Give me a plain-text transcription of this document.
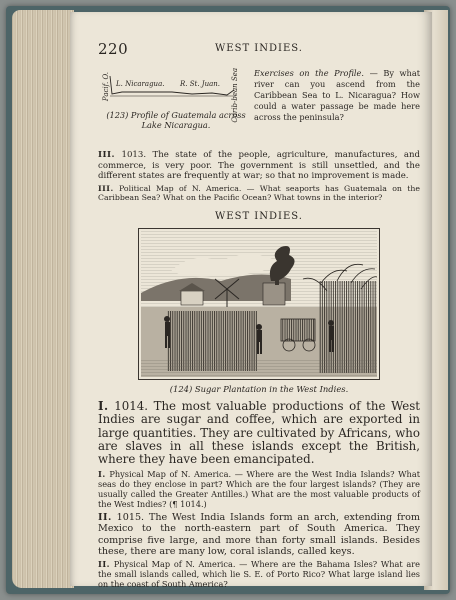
220	WEST INDIES.
Pacif. O. L. Nicaragua. R. St. Juan. Carib-bean Sea
(123) Profile of Guatemala across Lake Nicaragua.
Exercises on the Profile. — By what river can you ascend from the Caribbean Sea to L. Nicaragua? How could a water passage be made here across the peninsula?

III. 1013. The state of the people, agriculture, manufactures, and commerce, is very poor. The government is still unsettled, and the different states are frequently at war; so that no improvement is made.

III. Political Map of N. America. — What seaports has Guatemala on the Caribbean Sea? What on the Pacific Ocean? What towns in the interior?

WEST INDIES.
(124) Sugar Plantation in the West Indies.

I. 1014. The most valuable productions of the West Indies are sugar and coffee, which are exported in large quantities. They are cultivated by Africans, who are slaves in all these islands except the British, where they have been emancipated.

I. Physical Map of N. America. — Where are the West India Islands? What seas do they enclose in part? Which are the four largest islands? (They are usually called the Greater Antilles.) What are the most valuable products of the West Indies? (¶ 1014.)

II. 1015. The West India Islands form an arch, extending from Mexico to the north-eastern part of South America. They comprise five large, and more than forty small islands. Besides these, there are many low, coral islands, called keys.

II. Physical Map of N. America. — Where are the Bahama Isles? What are the small islands called, which lie S. E. of Porto Rico? What large island lies on the coast of South America?
